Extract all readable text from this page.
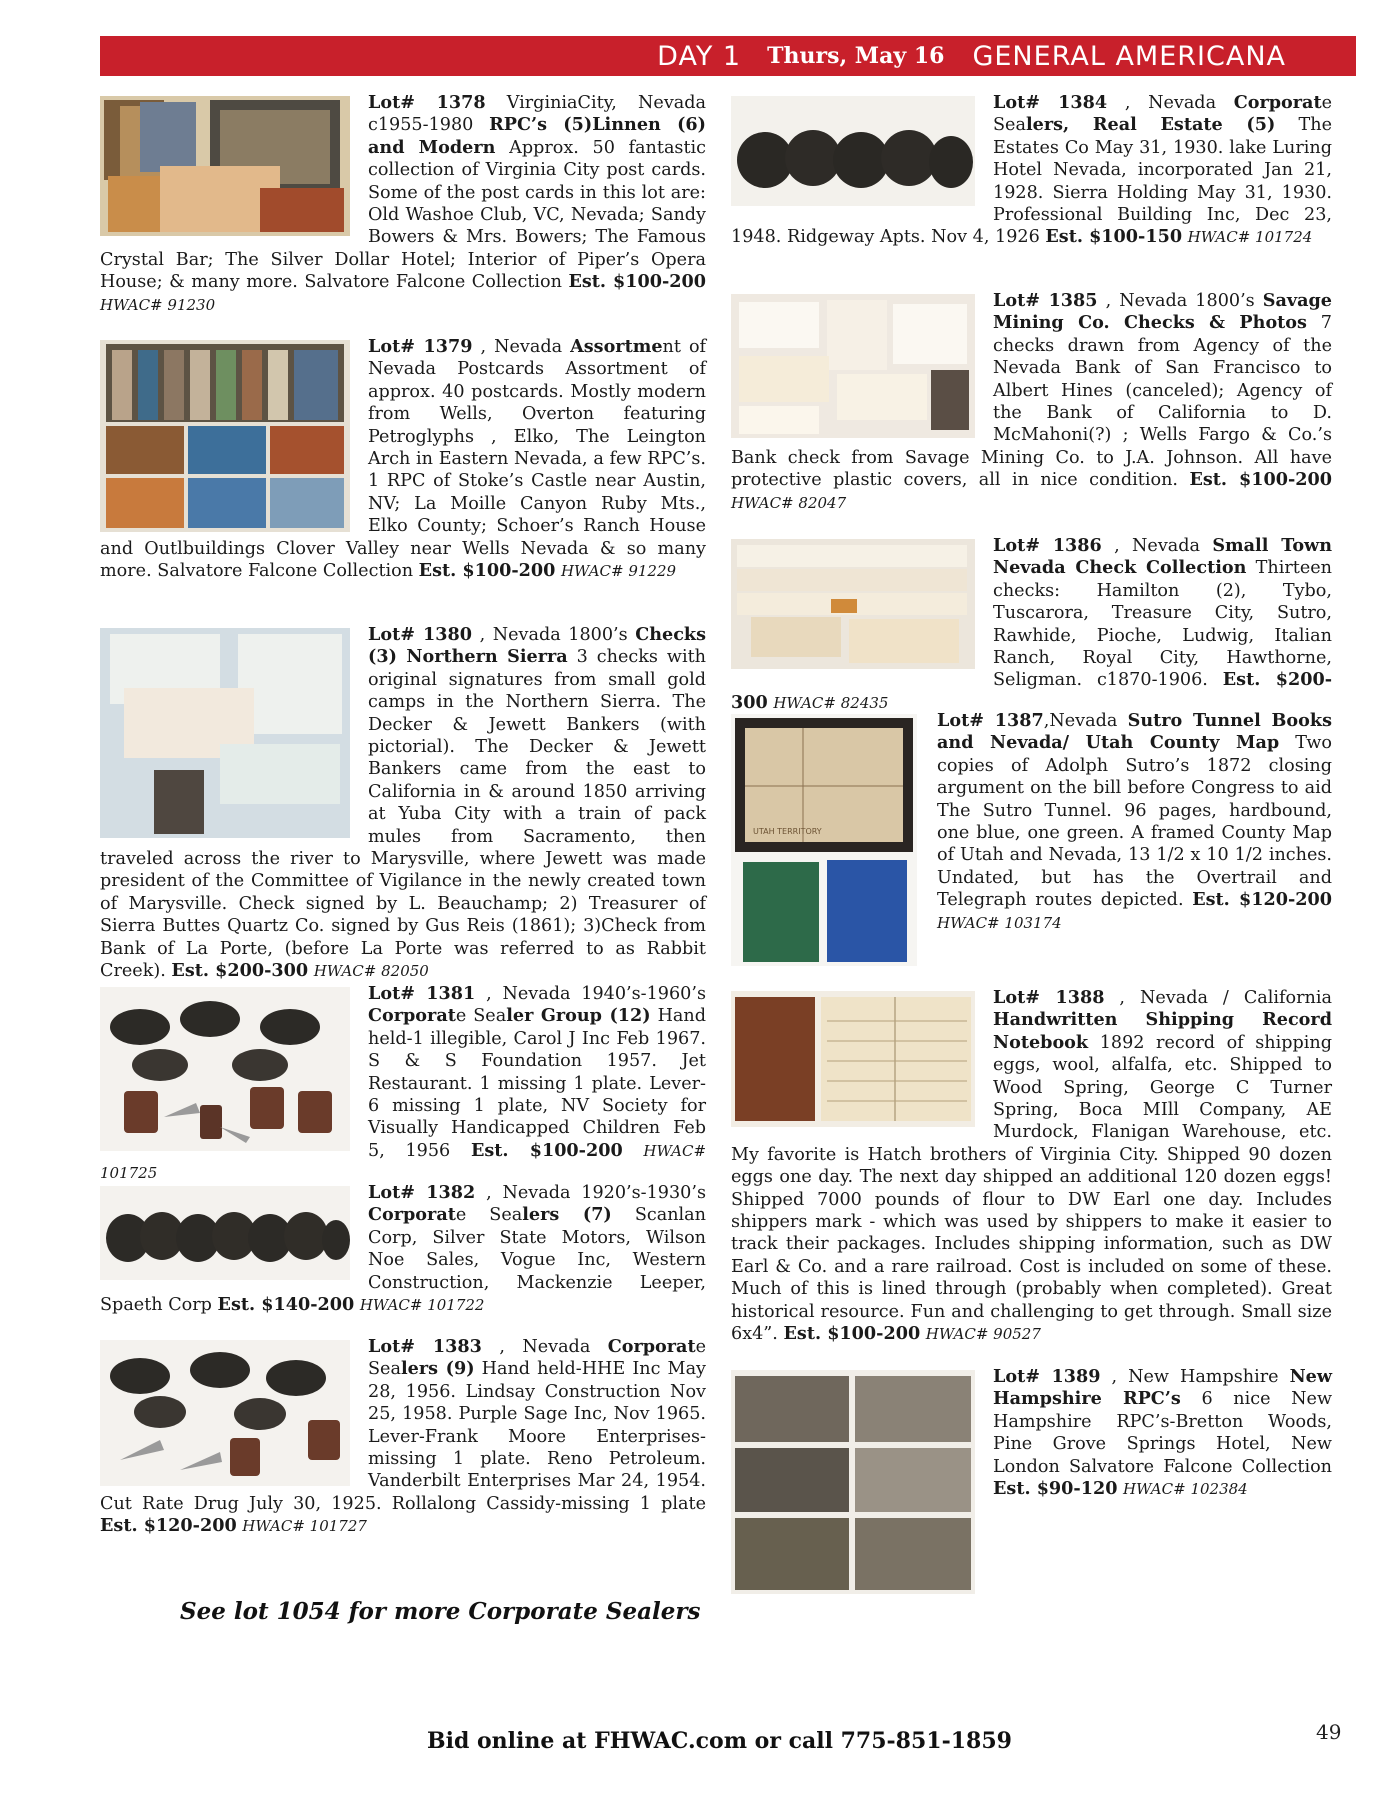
DAY 1 Thurs, May 16 GENERAL AMERICANA

Lot# 1378 VirginiaCity, Nevada c1955-1980 RPC’s (5)Linnen (6) and Modern Approx. 50 fantastic collection of Virginia City post cards. Some of the post cards in this lot are: Old Washoe Club, VC, Nevada; Sandy Bowers & Mrs. Bowers; The Famous Crystal Bar; The Silver Dollar Hotel; Interior of Piper’s Opera House; & many more. Salvatore Falcone Collection Est. $100-200 HWAC# 91230

Lot# 1379 , Nevada Assortment of Nevada Postcards Assortment of approx. 40 postcards. Mostly modern from Wells, Overton featuring Petroglyphs , Elko, The Leington Arch in Eastern Nevada, a few RPC’s. 1 RPC of Stoke’s Castle near Austin, NV; La Moille Canyon Ruby Mts., Elko County; Schoer’s Ranch House and Outlbuildings Clover Valley near Wells Nevada & so many more. Salvatore Falcone Collection Est. $100-200 HWAC# 91229

Lot# 1380 , Nevada 1800’s Checks (3) Northern Sierra 3 checks with original signatures from small gold camps in the Northern Sierra. The Decker & Jewett Bankers (with pictorial). The Decker & Jewett Bankers came from the east to California in & around 1850 arriving at Yuba City with a train of pack mules from Sacramento, then traveled across the river to Marysville, where Jewett was made president of the Committee of Vigilance in the newly created town of Marysville. Check signed by L. Beauchamp; 2) Treasurer of Sierra Buttes Quartz Co. signed by Gus Reis (1861); 3)Check from Bank of La Porte, (before La Porte was referred to as Rabbit Creek). Est. $200-300 HWAC# 82050

Lot# 1381 , Nevada 1940’s-1960’s Corporate Sealer Group (12) Hand held-1 illegible, Carol J Inc Feb 1967. S & S Foundation 1957. Jet Restaurant. 1 missing 1 plate. Lever- 6 missing 1 plate, NV Society for Visually Handicapped Children Feb 5, 1956 Est. $100-200 HWAC# 101725

Lot# 1382 , Nevada 1920’s-1930’s Corporate Sealers (7) Scanlan Corp, Silver State Motors, Wilson Noe Sales, Vogue Inc, Western Construction, Mackenzie Leeper, Spaeth Corp Est. $140-200 HWAC# 101722

Lot# 1383 , Nevada Corporate Sealers (9) Hand held-HHE Inc May 28, 1956. Lindsay Construction Nov 25, 1958. Purple Sage Inc, Nov 1965. Lever-Frank Moore Enterprises-missing 1 plate. Reno Petroleum. Vanderbilt Enterprises Mar 24, 1954. Cut Rate Drug July 30, 1925. Rollalong Cassidy-missing 1 plate Est. $120-200 HWAC# 101727

Lot# 1384 , Nevada Corporate Sealers, Real Estate (5) The Estates Co May 31, 1930. lake Luring Hotel Nevada, incorporated Jan 21, 1928. Sierra Holding May 31, 1930. Professional Building Inc, Dec 23, 1948. Ridgeway Apts. Nov 4, 1926 Est. $100-150 HWAC# 101724

Lot# 1385 , Nevada 1800’s Savage Mining Co. Checks & Photos 7 checks drawn from Agency of the Nevada Bank of San Francisco to Albert Hines (canceled); Agency of the Bank of California to D. McMahoni(?) ; Wells Fargo & Co.’s Bank check from Savage Mining Co. to J.A. Johnson. All have protective plastic covers, all in nice condition. Est. $100-200 HWAC# 82047

Lot# 1386 , Nevada Small Town Nevada Check Collection Thirteen checks: Hamilton (2), Tybo, Tuscarora, Treasure City, Sutro, Rawhide, Pioche, Ludwig, Italian Ranch, Royal City, Hawthorne, Seligman. c1870-1906. Est. $200-300 HWAC# 82435

UTAH TERRITORY
Lot# 1387,Nevada Sutro Tunnel Books and Nevada/ Utah County Map Two copies of Adolph Sutro’s 1872 closing argument on the bill before Congress to aid The Sutro Tunnel. 96 pages, hardbound, one blue, one green. A framed County Map of Utah and Nevada, 13 1/2 x 10 1/2 inches. Undated, but has the Overtrail and Telegraph routes depicted. Est. $120-200 HWAC# 103174

Lot# 1388 , Nevada / California Handwritten Shipping Record Notebook 1892 record of shipping eggs, wool, alfalfa, etc. Shipped to Wood Spring, George C Turner Spring, Boca MIll Company, AE Murdock, Flanigan Warehouse, etc. My favorite is Hatch brothers of Virginia City. Shipped 90 dozen eggs one day. The next day shipped an additional 120 dozen eggs! Shipped 7000 pounds of flour to DW Earl one day. Includes shippers mark - which was used by shippers to make it easier to track their packages. Includes shipping information, such as DW Earl & Co. and a rare railroad. Cost is included on some of these. Much of this is lined through (probably when completed). Great historical resource. Fun and challenging to get through. Small size 6x4”. Est. $100-200 HWAC# 90527

Lot# 1389 , New Hampshire New Hampshire RPC’s 6 nice New Hampshire RPC’s-Bretton Woods, Pine Grove Springs Hotel, New London Salvatore Falcone Collection Est. $90-120 HWAC# 102384

See lot 1054 for more Corporate Sealers
Bid online at FHWAC.com or call 775-851-1859	49
